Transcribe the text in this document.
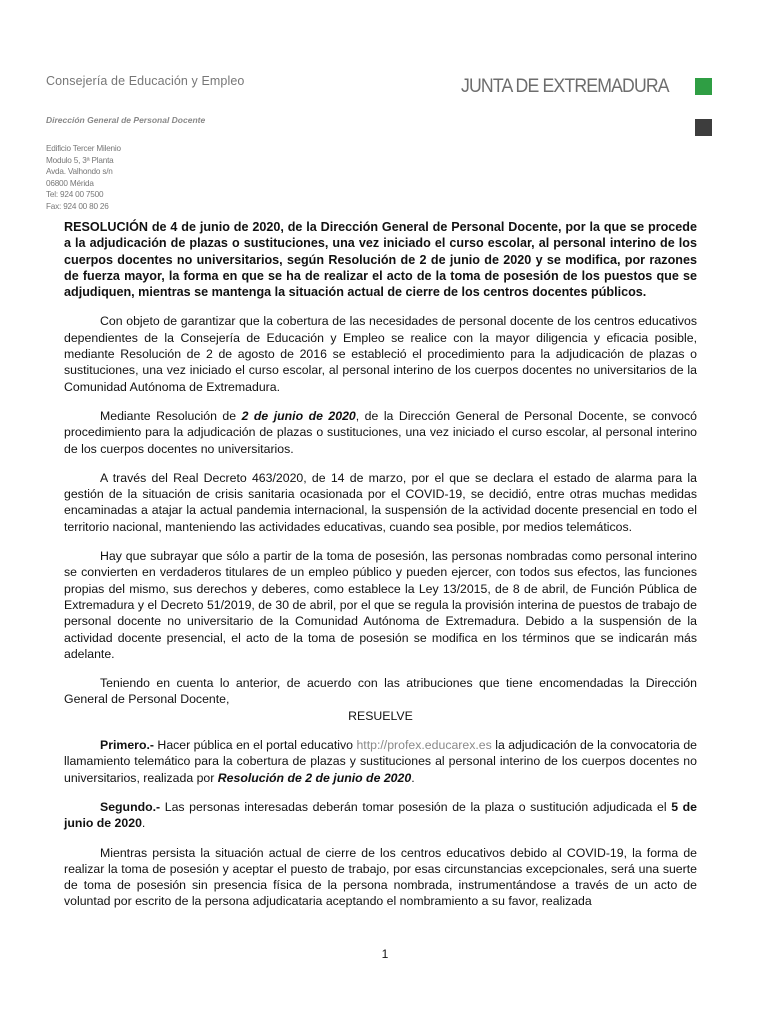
Consejería de Educación y Empleo
Dirección General de Personal Docente
Edificio Tercer Milenio
Modulo 5, 3ª Planta
Avda. Valhondo s/n
06800 Mérida
Tel: 924 00 7500
Fax: 924 00 80 26
JUNTA DE EXTREMADURA
RESOLUCIÓN de 4 de junio de 2020, de la Dirección General de Personal Docente, por la que se procede a la adjudicación de plazas o sustituciones, una vez iniciado el curso escolar, al personal interino de los cuerpos docentes no universitarios, según Resolución de 2 de junio de 2020 y se modifica, por razones de fuerza mayor, la forma en que se ha de realizar el acto de la toma de posesión de los puestos que se adjudiquen, mientras se mantenga la situación actual de cierre de los centros docentes públicos.

Con objeto de garantizar que la cobertura de las necesidades de personal docente de los centros educativos dependientes de la Consejería de Educación y Empleo se realice con la mayor diligencia y eficacia posible, mediante Resolución de 2 de agosto de 2016 se estableció el procedimiento para la adjudicación de plazas o sustituciones, una vez iniciado el curso escolar, al personal interino de los cuerpos docentes no universitarios de la Comunidad Autónoma de Extremadura.

Mediante Resolución de 2 de junio de 2020, de la Dirección General de Personal Docente, se convocó procedimiento para la adjudicación de plazas o sustituciones, una vez iniciado el curso escolar, al personal interino de los cuerpos docentes no universitarios.

A través del Real Decreto 463/2020, de 14 de marzo, por el que se declara el estado de alarma para la gestión de la situación de crisis sanitaria ocasionada por el COVID-19, se decidió, entre otras muchas medidas encaminadas a atajar la actual pandemia internacional, la suspensión de la actividad docente presencial en todo el territorio nacional, manteniendo las actividades educativas, cuando sea posible, por medios telemáticos.

Hay que subrayar que sólo a partir de la toma de posesión, las personas nombradas como personal interino se convierten en verdaderos titulares de un empleo público y pueden ejercer, con todos sus efectos, las funciones propias del mismo, sus derechos y deberes, como establece la Ley 13/2015, de 8 de abril, de Función Pública de Extremadura y el Decreto 51/2019, de 30 de abril, por el que se regula la provisión interina de puestos de trabajo de personal docente no universitario de la Comunidad Autónoma de Extremadura. Debido a la suspensión de la actividad docente presencial, el acto de la toma de posesión se modifica en los términos que se indicarán más adelante.

Teniendo en cuenta lo anterior, de acuerdo con las atribuciones que tiene encomendadas la Dirección General de Personal Docente,

RESUELVE

Primero.- Hacer pública en el portal educativo http://profex.educarex.es la adjudicación de la convocatoria de llamamiento telemático para la cobertura de plazas y sustituciones al personal interino de los cuerpos docentes no universitarios, realizada por Resolución de 2 de junio de 2020.

Segundo.- Las personas interesadas deberán tomar posesión de la plaza o sustitución adjudicada el 5 de junio de 2020.

Mientras persista la situación actual de cierre de los centros educativos debido al COVID-19, la forma de realizar la toma de posesión y aceptar el puesto de trabajo, por esas circunstancias excepcionales, será una suerte de toma de posesión sin presencia física de la persona nombrada, instrumentándose a través de un acto de voluntad por escrito de la persona adjudicataria aceptando el nombramiento a su favor, realizada

1
